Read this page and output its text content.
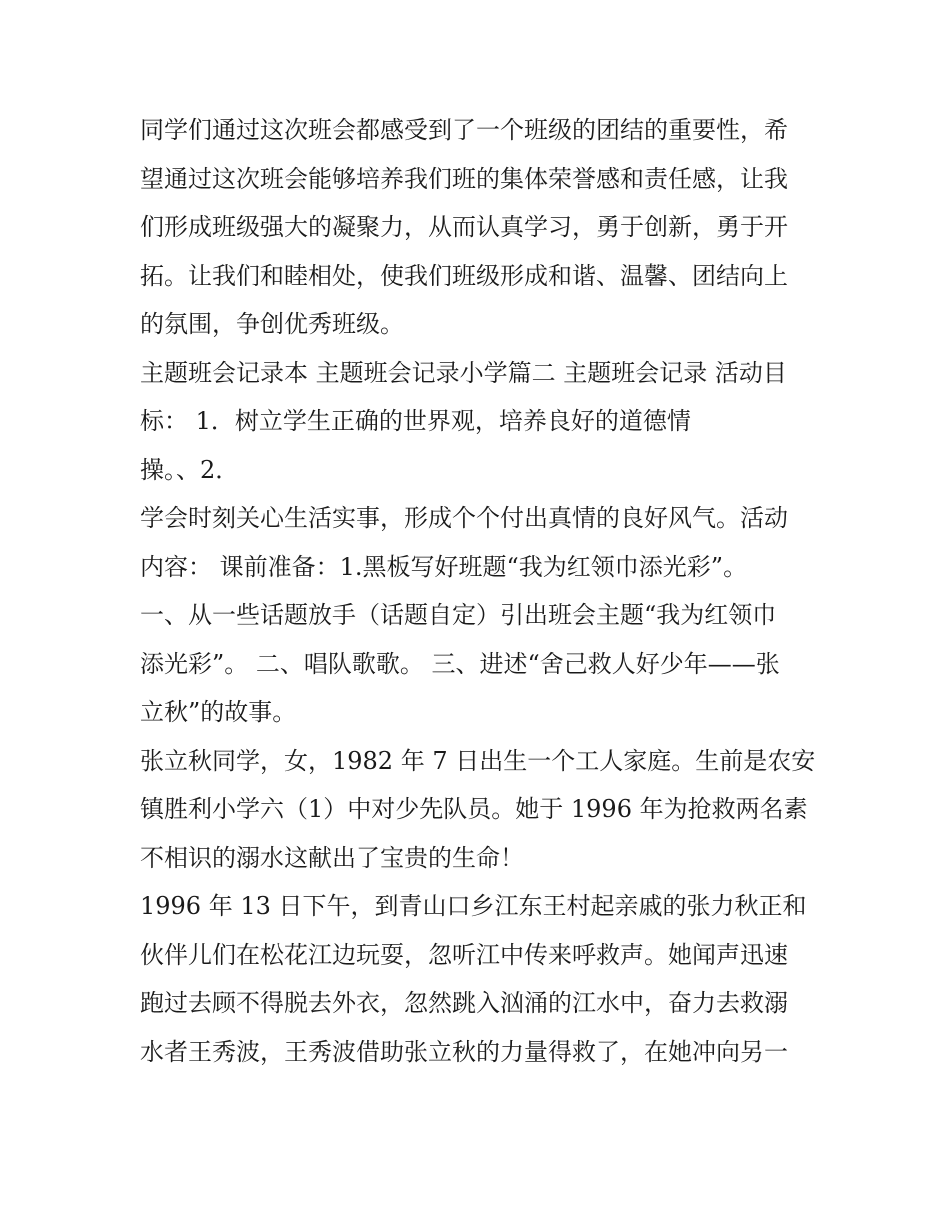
同学们通过这次班会都感受到了一个班级的团结的重要性，希
望通过这次班会能够培养我们班的集体荣誉感和责任感，让我
们形成班级强大的凝聚力，从而认真学习，勇于创新，勇于开
拓。让我们和睦相处，使我们班级形成和谐、温馨、团结向上
的氛围，争创优秀班级。
主题班会记录本 主题班会记录小学篇二 主题班会记录 活动目
标： 1．树立学生正确的世界观，培养良好的道德情
操。、2．
学会时刻关心生活实事，形成个个付出真情的良好风气。活动
内容： 课前准备：1.黑板写好班题“我为红领巾添光彩”。
一、从一些话题放手（话题自定）引出班会主题“我为红领巾
添光彩”。 二、唱队歌歌。 三、进述“舍己救人好少年——张
立秋”的故事。
张立秋同学，女，1982 年 7 日出生一个工人家庭。生前是农安
镇胜利小学六（1）中对少先队员。她于 1996 年为抢救两名素
不相识的溺水这献出了宝贵的生命！
1996 年 13 日下午，到青山口乡江东王村起亲戚的张力秋正和
伙伴儿们在松花江边玩耍，忽听江中传来呼救声。她闻声迅速
跑过去顾不得脱去外衣，忽然跳入汹涌的江水中，奋力去救溺
水者王秀波，王秀波借助张立秋的力量得救了，在她冲向另一
